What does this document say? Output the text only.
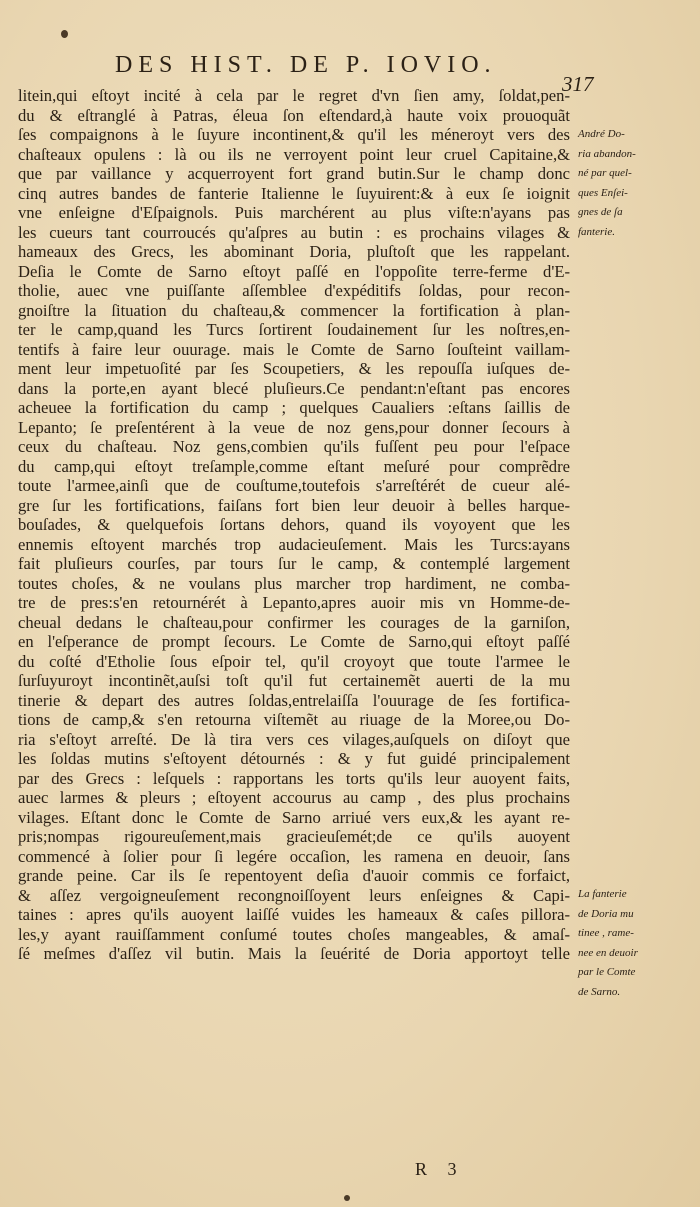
DES HIST. DE P. IOVIO.
317
litein,qui eſtoyt incité à cela par le regret d'vn ſien amy, ſoldat,pen-
du & eſtranglé à Patras, éleua ſon eſtendard,à haute voix prouoquãt
ſes compaignons à le ſuyure incontinent,& qu'il les méneroyt vers des
chaſteaux opulens : là ou ils ne verroyent point leur cruel Capitaine,&
que par vaillance y acquerroyent fort grand butin.Sur le champ donc
cinq autres bandes de fanterie Italienne le ſuyuirent:& à eux ſe ioignit
vne enſeigne d'Eſpaignols. Puis marchérent au plus viſte:n'ayans pas
les cueurs tant courroucés qu'aſpres au butin : es prochains vilages &
hameaux des Grecs, les abominant Doria, pluſtoſt que les rappelant.
Deſia le Comte de Sarno eſtoyt paſſé en l'oppoſite terre-ferme d'E-
tholie, auec vne puiſſante aſſemblee d'expéditifs ſoldas, pour recon-
gnoiſtre la ſituation du chaſteau,& commencer la fortification à plan-
ter le camp,quand les Turcs ſortirent ſoudainement ſur les noſtres,en-
tentifs à faire leur ouurage. mais le Comte de Sarno ſouſteint vaillam-
ment leur impetuoſité par ſes Scoupetiers, & les repouſſa iuſques de-
dans la porte,en ayant blecé pluſieurs.Ce pendant:n'eſtant pas encores
acheuee la fortification du camp ; quelques Caualiers :eſtans ſaillis de
Lepanto; ſe preſentérent à la veue de noz gens,pour donner ſecours à
ceux du chaſteau. Noz gens,combien qu'ils fuſſent peu pour l'eſpace
du camp,qui eſtoyt treſample,comme eſtant meſuré pour comprẽdre
toute l'armee,ainſi que de couſtume,toutefois s'arreſtérét de cueur alé-
gre ſur les fortifications, faiſans fort bien leur deuoir à belles harque-
bouſades, & quelquefois ſortans dehors, quand ils voyoyent que les
ennemis eſtoyent marchés trop audacieuſement. Mais les Turcs:ayans
fait pluſieurs courſes, par tours ſur le camp, & contemplé largement
toutes choſes, & ne voulans plus marcher trop hardiment, ne comba-
tre de pres:s'en retournérét à Lepanto,apres auoir mis vn Homme-de-
cheual dedans le chaſteau,pour confirmer les courages de la garniſon,
en l'eſperance de prompt ſecours. Le Comte de Sarno,qui eſtoyt paſſé
du coſté d'Etholie ſous eſpoir tel, qu'il croyoyt que toute l'armee le
ſurſuyuroyt incontinẽt,auſsi toſt qu'il fut certainemẽt auerti de la mu
tinerie & depart des autres ſoldas,entrelaiſſa l'ouurage de ſes fortifica-
tions de camp,& s'en retourna viſtemẽt au riuage de la Moree,ou Do-
ria s'eſtoyt arreſté. De là tira vers ces vilages,auſquels on diſoyt que
les ſoldas mutins s'eſtoyent détournés : & y fut guidé principalement
par des Grecs : leſquels : rapportans les torts qu'ils leur auoyent faits,
auec larmes & pleurs ; eſtoyent accourus au camp , des plus prochains
vilages. Eſtant donc le Comte de Sarno arriué vers eux,& les ayant re-
pris;nompas rigoureuſement,mais gracieuſemét;de ce qu'ils auoyent
commencé à ſolier pour ſi legére occaſion, les ramena en deuoir, ſans
grande peine. Car ils ſe repentoyent deſia d'auoir commis ce forfaict,
& aſſez vergoigneuſement recongnoiſſoyent leurs enſeignes & Capi-
taines : apres qu'ils auoyent laiſſé vuides les hameaux & caſes pillora-
les,y ayant rauiſſamment conſumé toutes choſes mangeables, & amaſ-
ſé meſmes d'aſſez vil butin. Mais la ſeuérité de Doria apportoyt telle
André Do-
ria abandon-
né par quel-
ques Enſei-
gnes de ſa
fanterie.
La fanterie
de Doria mu
tinee , rame-
nee en deuoir
par le Comte
de Sarno.
R 3
